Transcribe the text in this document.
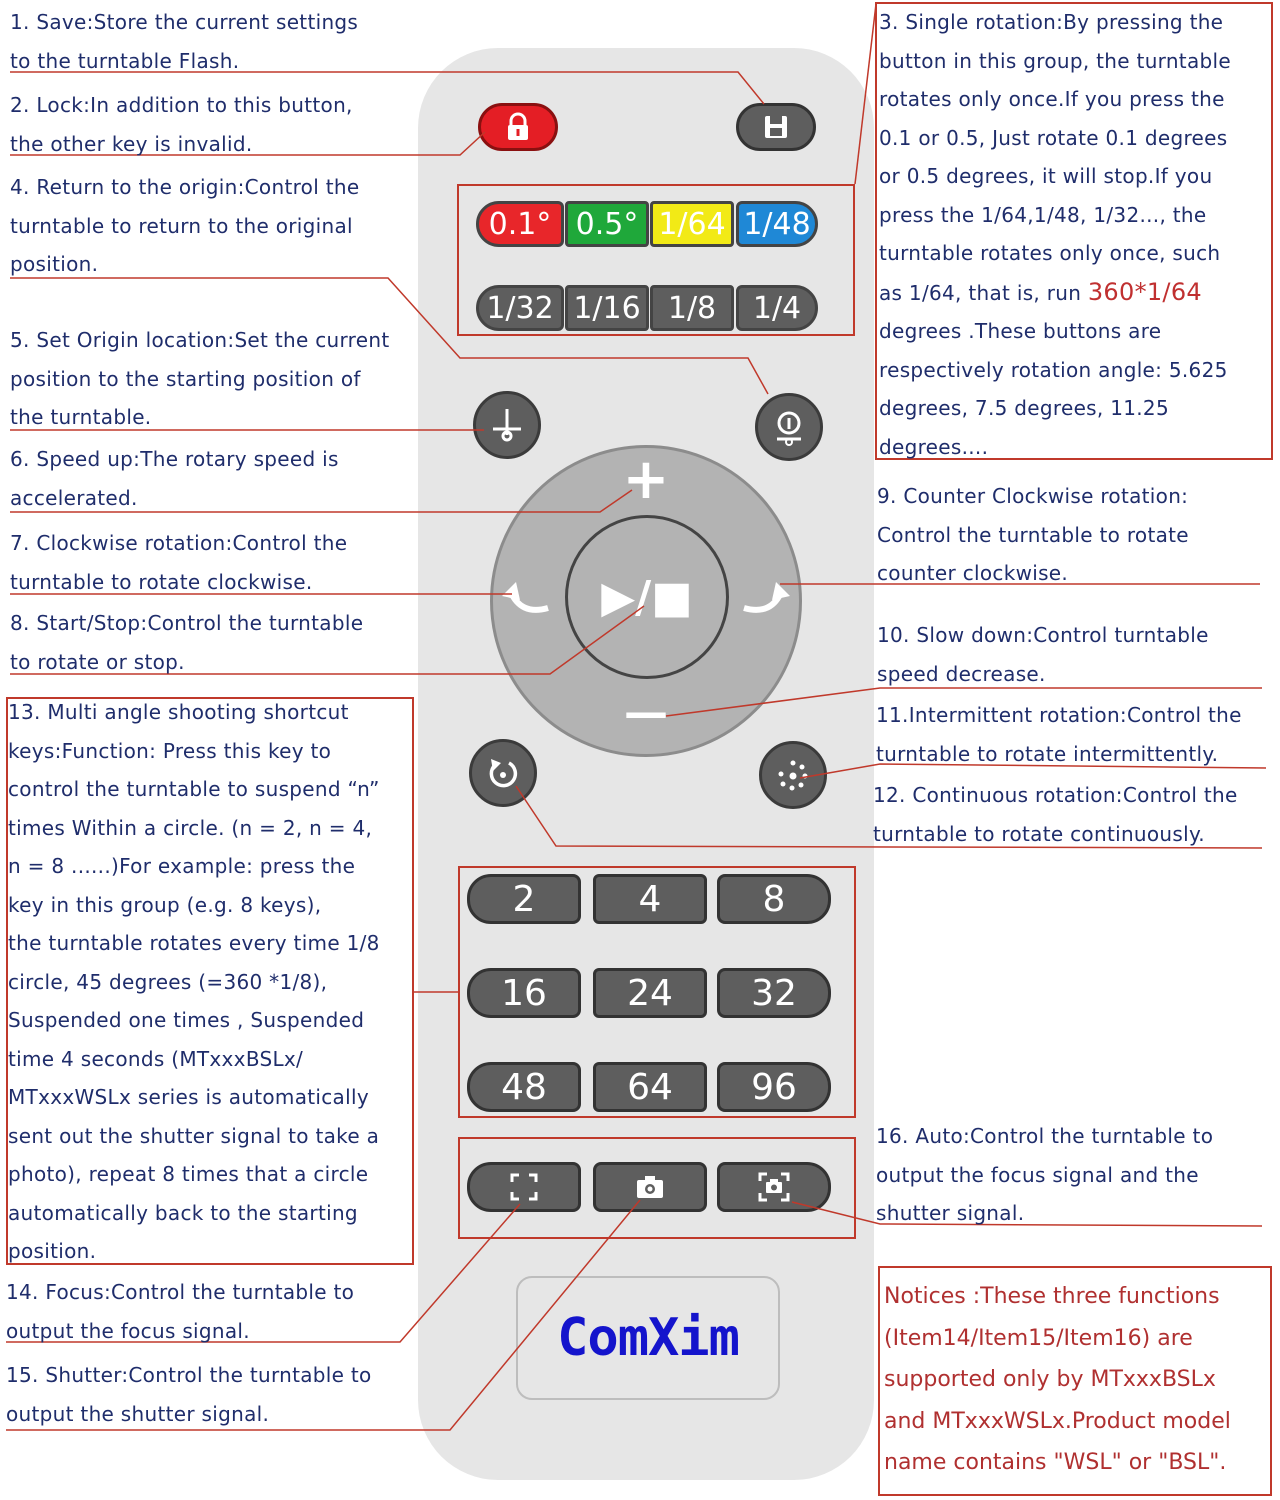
0.1° 0.5° 1/64 1/48
1/32 1/16 1/8	1/4
+
—
▶/■
2	4	8
16	24	32
48	64	96
ComXim
1. Save:Store the current settings
to the turntable Flash.
2. Lock:In addition to this button,
the other key is invalid.
4. Return to the origin:Control the
turntable to return to the original
position.
5. Set Origin location:Set the current
position to the starting position of
the turntable.
6. Speed up:The rotary speed is
accelerated.
7. Clockwise rotation:Control the
turntable to rotate clockwise.
8. Start/Stop:Control the turntable
to rotate or stop.
13. Multi angle shooting shortcut
keys:Function: Press this key to
control the turntable to suspend “n”
times Within a circle. (n = 2, n = 4,
n = 8 ......)For example: press the
key in this group (e.g. 8 keys),
the turntable rotates every time 1/8
circle, 45 degrees (=360 *1/8),
Suspended one times , Suspended
time 4 seconds (MTxxxBSLx/
MTxxxWSLx series is automatically
sent out the shutter signal to take a
photo), repeat 8 times that a circle
automatically back to the starting
position.
14. Focus:Control the turntable to
output the focus signal.
15. Shutter:Control the turntable to
output the shutter signal.
3. Single rotation:By pressing the
button in this group, the turntable
rotates only once.If you press the
0.1 or 0.5, Just rotate 0.1 degrees
or 0.5 degrees, it will stop.If you
press the 1/64,1/48, 1/32..., the
turntable rotates only once, such
as 1/64, that is, run 360*1/64
degrees .These buttons are
respectively rotation angle: 5.625
degrees, 7.5 degrees, 11.25
degrees....
9. Counter Clockwise rotation:
Control the turntable to rotate
counter clockwise.
10. Slow down:Control turntable
speed decrease.
11.Intermittent rotation:Control the
turntable to rotate intermittently.
12. Continuous rotation:Control the
turntable to rotate continuously.
16. Auto:Control the turntable to
output the focus signal and the
shutter signal.
Notices :These three functions
(Item14/Item15/Item16) are
supported only by MTxxxBSLx
and MTxxxWSLx.Product model
name contains "WSL" or "BSL".
